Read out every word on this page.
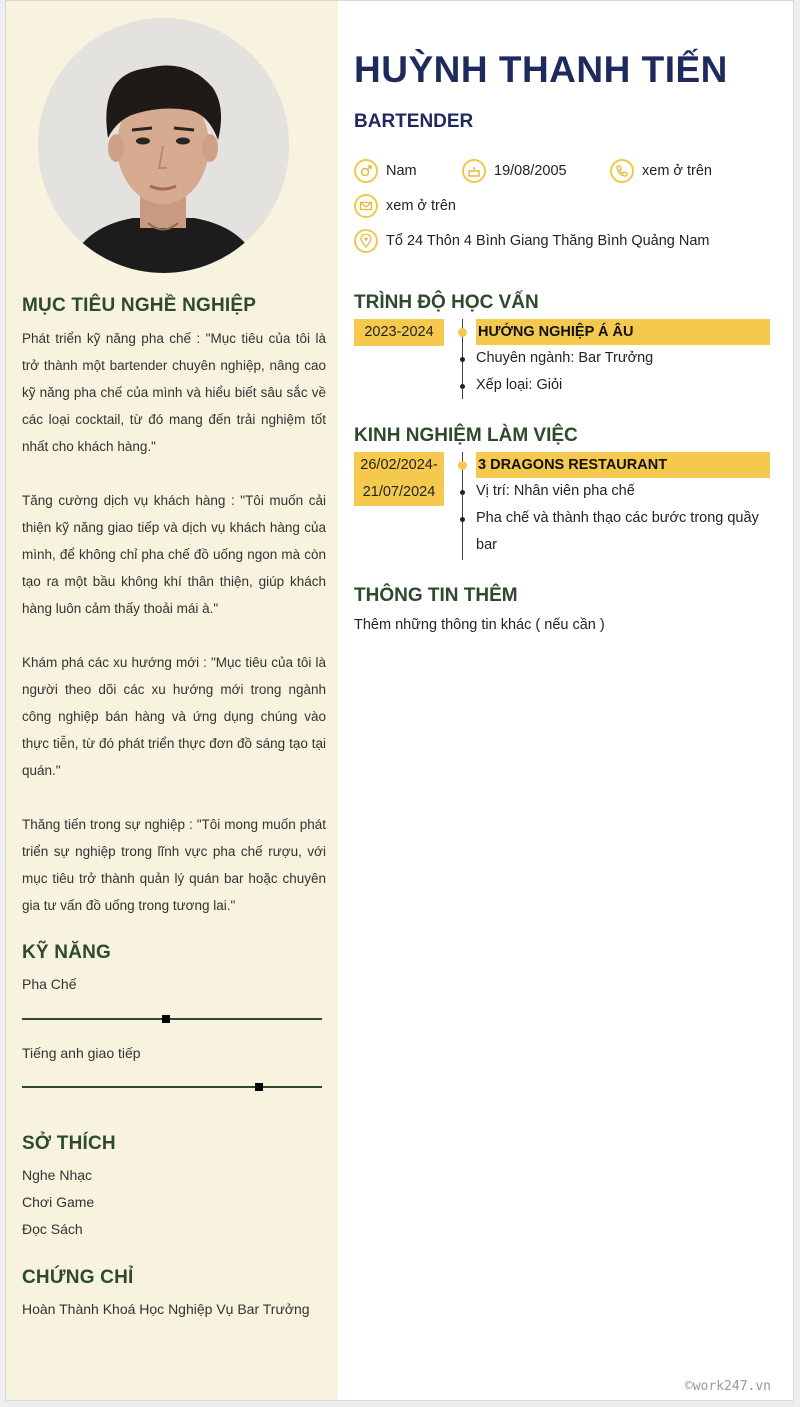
MỤC TIÊU NGHỀ NGHIỆP

Phát triển kỹ năng pha chế : "Mục tiêu của tôi là trở thành một bartender chuyên nghiệp, nâng cao kỹ năng pha chế của mình và hiểu biết sâu sắc về các loại cocktail, từ đó mang đến trải nghiệm tốt nhất cho khách hàng."

Tăng cường dịch vụ khách hàng : "Tôi muốn cải thiện kỹ năng giao tiếp và dịch vụ khách hàng của mình, để không chỉ pha chế đồ uống ngon mà còn tạo ra một bầu không khí thân thiện, giúp khách hàng luôn cảm thấy thoải mái à."

Khám phá các xu hướng mới : "Mục tiêu của tôi là người theo dõi các xu hướng mới trong ngành công nghiệp bán hàng và ứng dụng chúng vào thực tiễn, từ đó phát triển thực đơn đồ sáng tạo tại quán."

Thăng tiến trong sự nghiệp : "Tôi mong muốn phát triển sự nghiệp trong lĩnh vực pha chế rượu, với mục tiêu trở thành quản lý quán bar hoặc chuyên gia tư vấn đồ uống trong tương lai."

KỸ NĂNG
Pha Chế
Tiếng anh giao tiếp
SỞ THÍCH
Nghe Nhạc
Chơi Game
Đọc Sách
CHỨNG CHỈ
Hoàn Thành Khoá Học Nghiệp Vụ Bar Trưởng
HUỲNH THANH TIẾN
BARTENDER
Nam	19/08/2005	xem ở trên
xem ở trên
Tổ 24 Thôn 4 Bình Giang Thăng Bình Quảng Nam
TRÌNH ĐỘ HỌC VẤN
2023-2024	HƯỚNG NGHIỆP Á ÂU
Chuyên ngành: Bar Trưởng
Xếp loại: Giỏi
KINH NGHIỆM LÀM VIỆC
26/02/2024-
21/07/2024
3 DRAGONS RESTAURANT
Vị trí: Nhân viên pha chế
Pha chế và thành thạo các bước trong quầy bar
THÔNG TIN THÊM
Thêm những thông tin khác ( nếu cần )
©work247.vn
